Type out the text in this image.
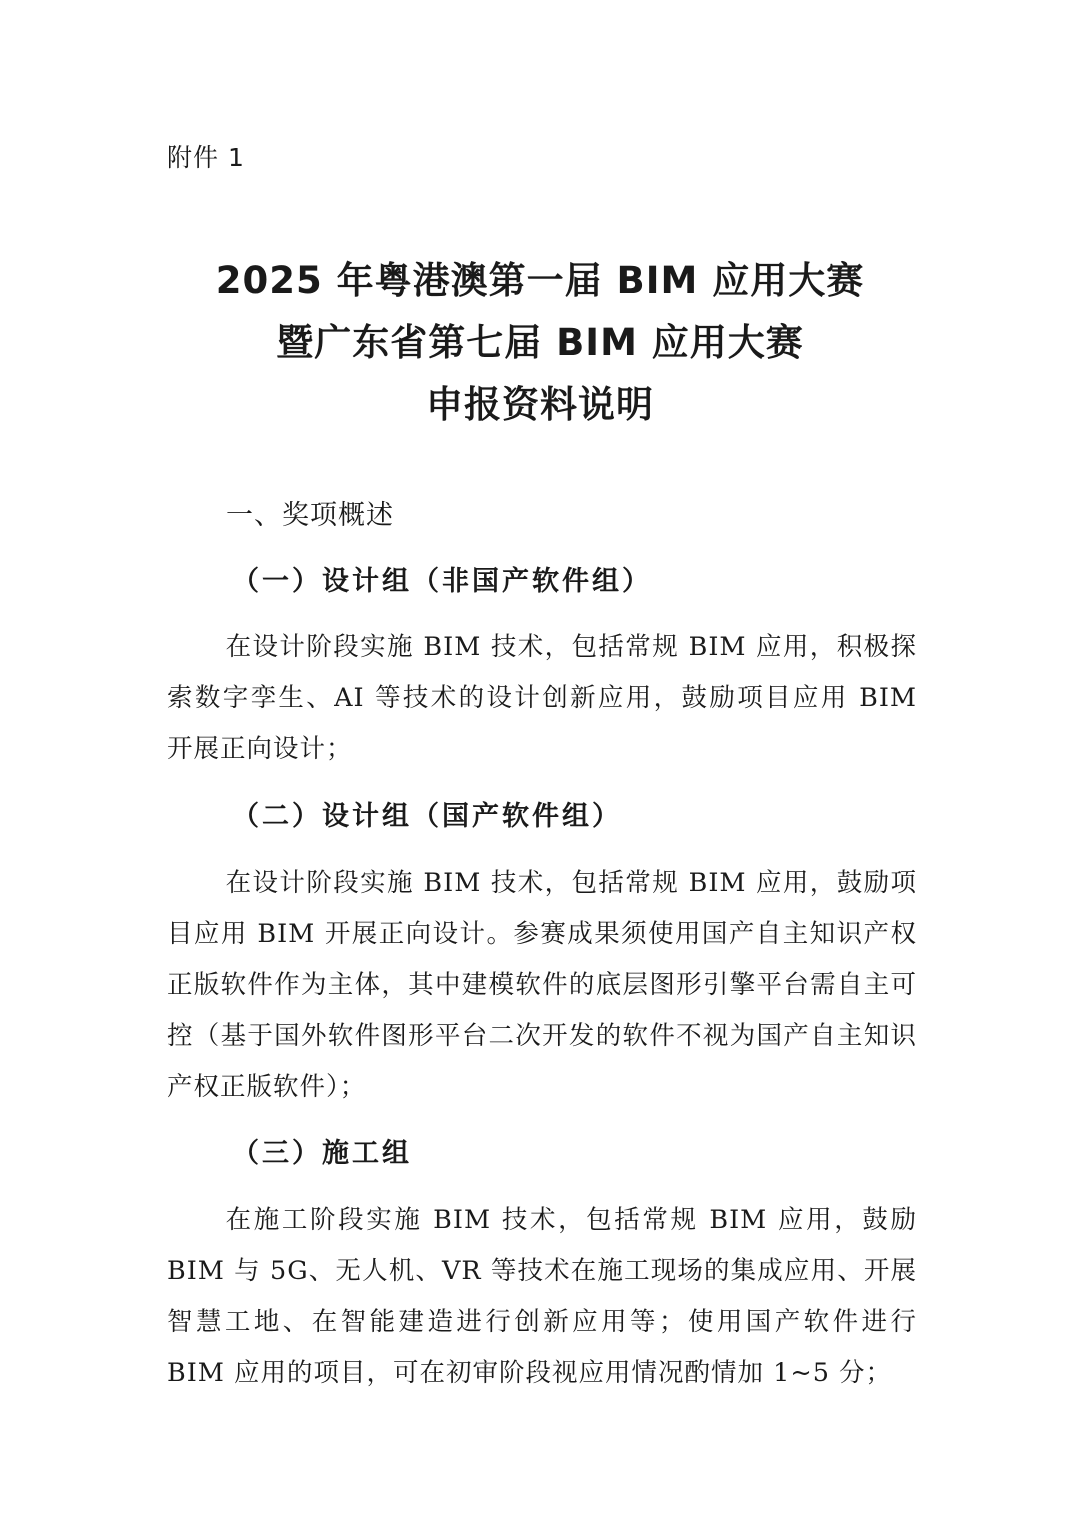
附件 1
2025 年粤港澳第一届 BIM 应用大赛
暨广东省第七届 BIM 应用大赛
申报资料说明
一、奖项概述
（一）设计组（非国产软件组）

在设计阶段实施 BIM 技术，包括常规 BIM 应用，积极探索数字孪生、AI 等技术的设计创新应用，鼓励项目应用 BIM 开展正向设计；

（二）设计组（国产软件组）

在设计阶段实施 BIM 技术，包括常规 BIM 应用，鼓励项目应用 BIM 开展正向设计。参赛成果须使用国产自主知识产权正版软件作为主体，其中建模软件的底层图形引擎平台需自主可控（基于国外软件图形平台二次开发的软件不视为国产自主知识产权正版软件）；

（三）施工组

在施工阶段实施 BIM 技术，包括常规 BIM 应用，鼓励 BIM 与 5G、无人机、VR 等技术在施工现场的集成应用、开展智慧工地、在智能建造进行创新应用等；使用国产软件进行 BIM 应用的项目，可在初审阶段视应用情况酌情加 1~5 分；
